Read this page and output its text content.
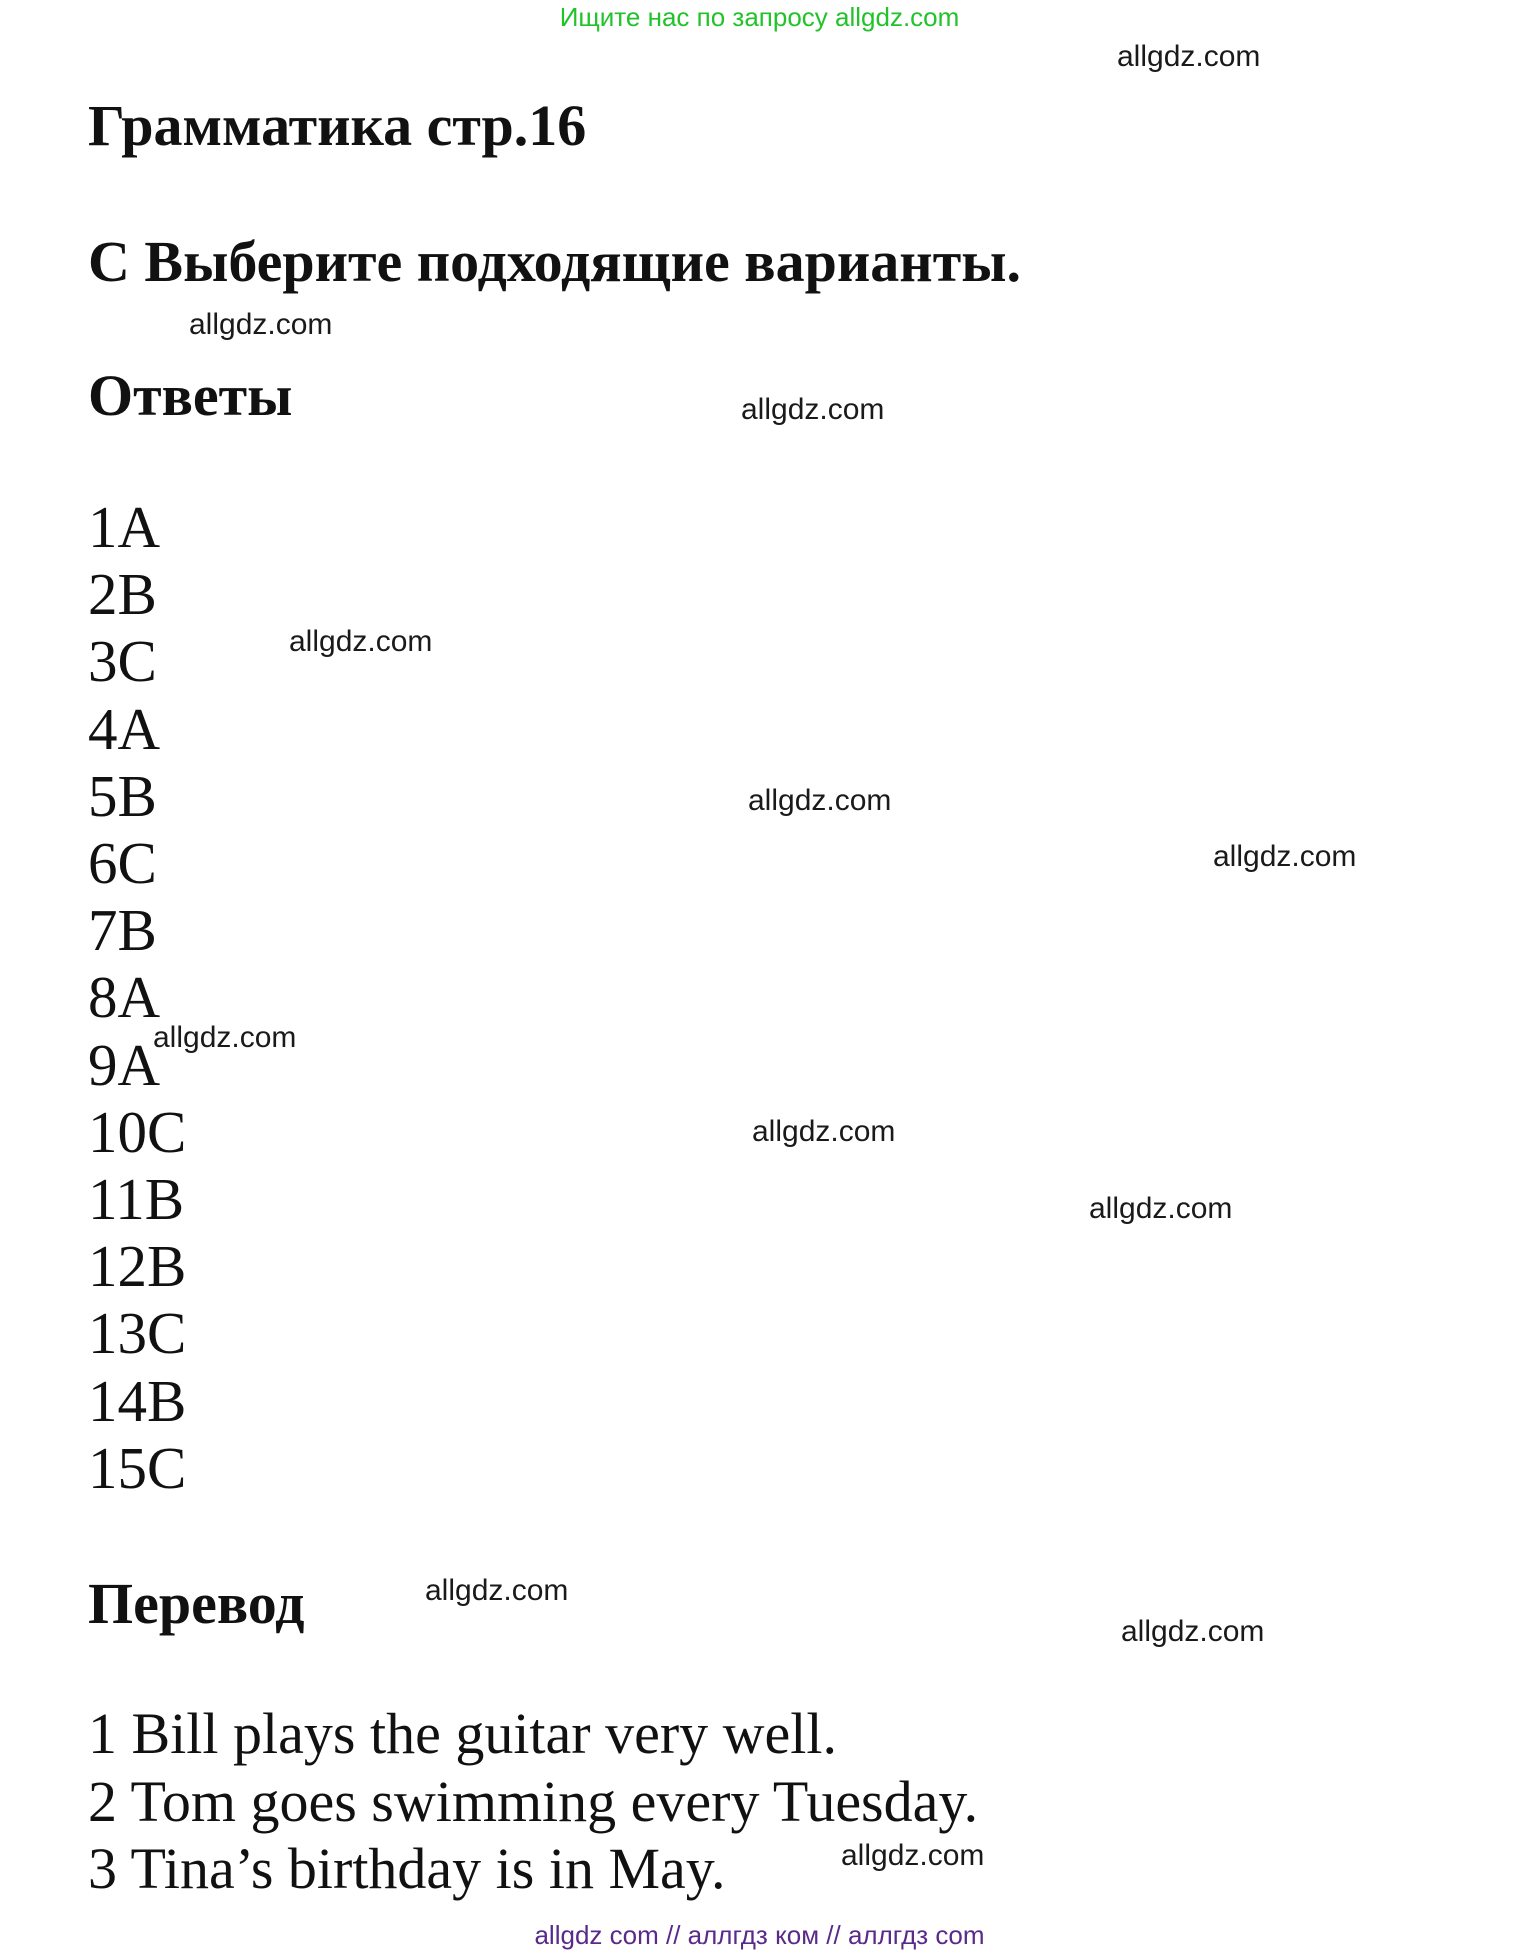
Ищите нас по запросу allgdz.com
Грамматика стр.16
C Выберите подходящие варианты.
Ответы
1A
2B
3C
4A
5B
6C
7B
8A
9A
10C
11B
12B
13C
14B
15C
Перевод
1 Bill plays the guitar very well.
2 Tom goes swimming every Tuesday.
3 Tina’s birthday is in May.
allgdz.com
allgdz.com
allgdz.com
allgdz.com
allgdz.com
allgdz.com
allgdz.com
allgdz.com
allgdz.com
allgdz.com
allgdz.com
allgdz.com
allgdz com // аллгдз ком // аллгдз com
